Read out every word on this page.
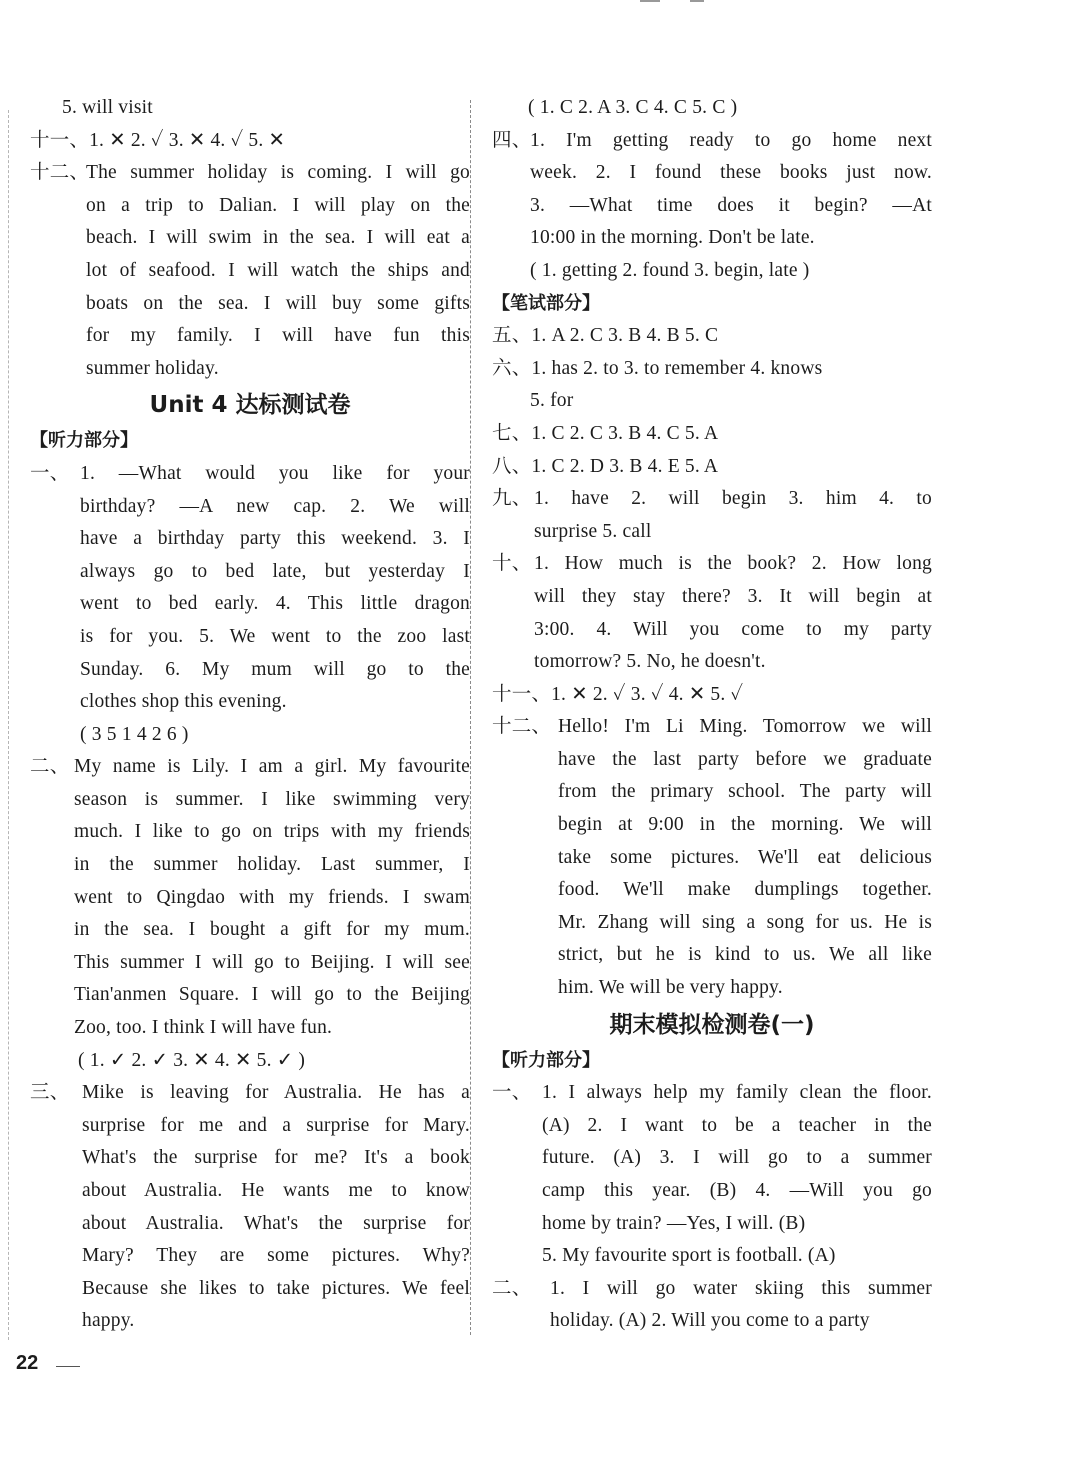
5. will visit
十一、1. ✕ 2. ✓ 3. ✕ 4. ✓ 5. ✕
十二、
The summer holiday is coming. I will go
on a trip to Dalian. I will play on the
beach. I will swim in the sea. I will eat a
lot of seafood. I will watch the ships and
boats on the sea. I will buy some gifts
for my family. I will have fun this
summer holiday.
Unit 4 达标测试卷
【听力部分】
一、 1. —What would you like for your
birthday? —A new cap. 2. We will
have a birthday party this weekend. 3. I
always go to bed late, but yesterday I
went to bed early. 4. This little dragon
is for you. 5. We went to the zoo last
Sunday. 6. My mum will go to the
clothes shop this evening.
( 3 5 1 4 2 6 )
二、 My name is Lily. I am a girl. My favourite
season is summer. I like swimming very
much. I like to go on trips with my friends
in the summer holiday. Last summer, I
went to Qingdao with my friends. I swam
in the sea. I bought a gift for my mum.
This summer I will go to Beijing. I will see
Tian'anmen Square. I will go to the Beijing
Zoo, too. I think I will have fun.
( 1. ✓ 2. ✓ 3. ✕ 4. ✕ 5. ✓ )
三、 Mike is leaving for Australia. He has a
surprise for me and a surprise for Mary.
What's the surprise for me? It's a book
about Australia. He wants me to know
about Australia. What's the surprise for
Mary? They are some pictures. Why?
Because she likes to take pictures. We feel
happy.
( 1. C 2. A 3. C 4. C 5. C )
四、
1. I'm getting ready to go home next
week. 2. I found these books just now.
3. —What time does it begin? —At
10:00 in the morning. Don't be late.
( 1. getting 2. found 3. begin, late )
【笔试部分】
五、1. A 2. C 3. B 4. B 5. C
六、1. has 2. to 3. to remember 4. knows
5. for
七、1. C 2. C 3. B 4. C 5. A
八、1. C 2. D 3. B 4. E 5. A
九、 1. have 2. will begin 3. him 4. to
surprise 5. call
十、 1. How much is the book? 2. How long
will they stay there? 3. It will begin at
3:00. 4. Will you come to my party
tomorrow? 5. No, he doesn't.
十一、1. ✕ 2. ✓ 3. ✓ 4. ✕ 5. ✓
十二、 Hello! I'm Li Ming. Tomorrow we will
have the last party before we graduate
from the primary school. The party will
begin at 9:00 in the morning. We will
take some pictures. We'll eat delicious
food. We'll make dumplings together.
Mr. Zhang will sing a song for us. He is
strict, but he is kind to us. We all like
him. We will be very happy.
期末模拟检测卷(一)
【听力部分】
一、 1. I always help my family clean the floor.
(A) 2. I want to be a teacher in the
future. (A) 3. I will go to a summer
camp this year. (B) 4. —Will you go
home by train? —Yes, I will. (B)
5. My favourite sport is football. (A)
二、 1. I will go water skiing this summer
holiday. (A) 2. Will you come to a party
22
